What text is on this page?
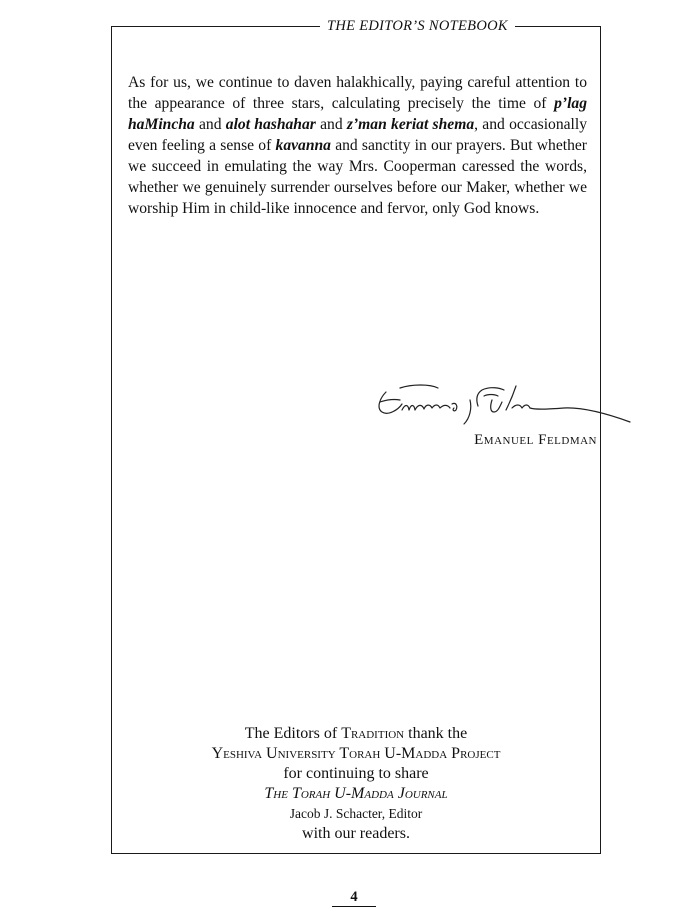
THE EDITOR’S NOTEBOOK
As for us, we continue to daven halakhically, paying careful attention to the appearance of three stars, calculating precisely the time of p’lag haMincha and alot hashahar and z’man keriat shema, and occasionally even feeling a sense of kavanna and sanctity in our prayers. But whether we succeed in emulating the way Mrs. Cooperman caressed the words, whether we genuinely surrender ourselves before our Maker, whether we worship Him in child-like innocence and fervor, only God knows.
Emanuel Feldman
The Editors of Tradition thank the
Yeshiva University Torah U-Madda Project
for continuing to share
The Torah U-Madda Journal
Jacob J. Schacter, Editor
with our readers.
4
